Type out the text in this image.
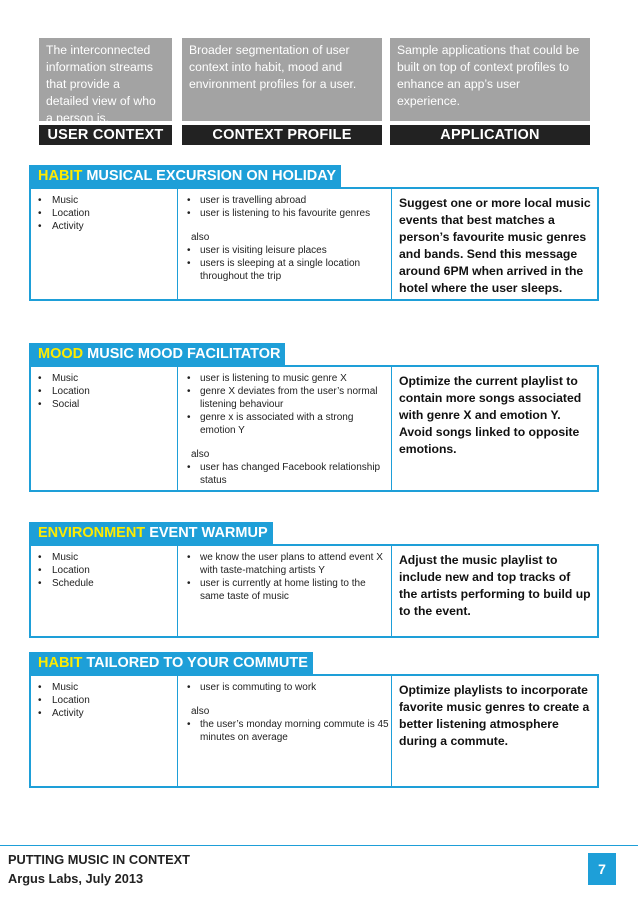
The interconnected information streams that provide a detailed view of who a person is.
USER CONTEXT
Broader segmentation of user context into habit, mood and environment profiles for a user.
CONTEXT PROFILE
Sample applications that could be built on top of context profiles to enhance an app’s user experience.
APPLICATION
HABIT MUSICAL EXCURSION ON HOLIDAY
• Music
• Location
• Activity
• user is travelling abroad
• user is listening to his favourite genres
also
• user is visiting leisure places
• users is sleeping at a single location throughout the trip
Suggest one or more local music events that best matches a person’s favourite music genres and bands. Send this message around 6PM when arrived in the hotel where the user sleeps.
MOOD MUSIC MOOD FACILITATOR
• Music
• Location
• Social
• user is listening to music genre X
• genre X deviates from the user’s normal listening behaviour
• genre x is associated with a strong emotion Y
also
• user has changed Facebook relationship status
Optimize the current playlist to contain more songs associated with genre X and emotion Y. Avoid songs linked to opposite emotions.
ENVIRONMENT EVENT WARMUP
• Music
• Location
• Schedule
• we know the user plans to attend event X with taste-matching artists Y
• user is currently at home listing to the same taste of music
Adjust the music playlist to include new and top tracks of the artists performing to build up to the event.
HABIT TAILORED TO YOUR COMMUTE
• Music
• Location
• Activity
• user is commuting to work
also
• the user’s monday morning commute is 45 minutes on average
Optimize playlists to incorporate favorite music genres to create a better listening atmosphere during a commute.
PUTTING MUSIC IN CONTEXT
Argus Labs, July 2013
7
